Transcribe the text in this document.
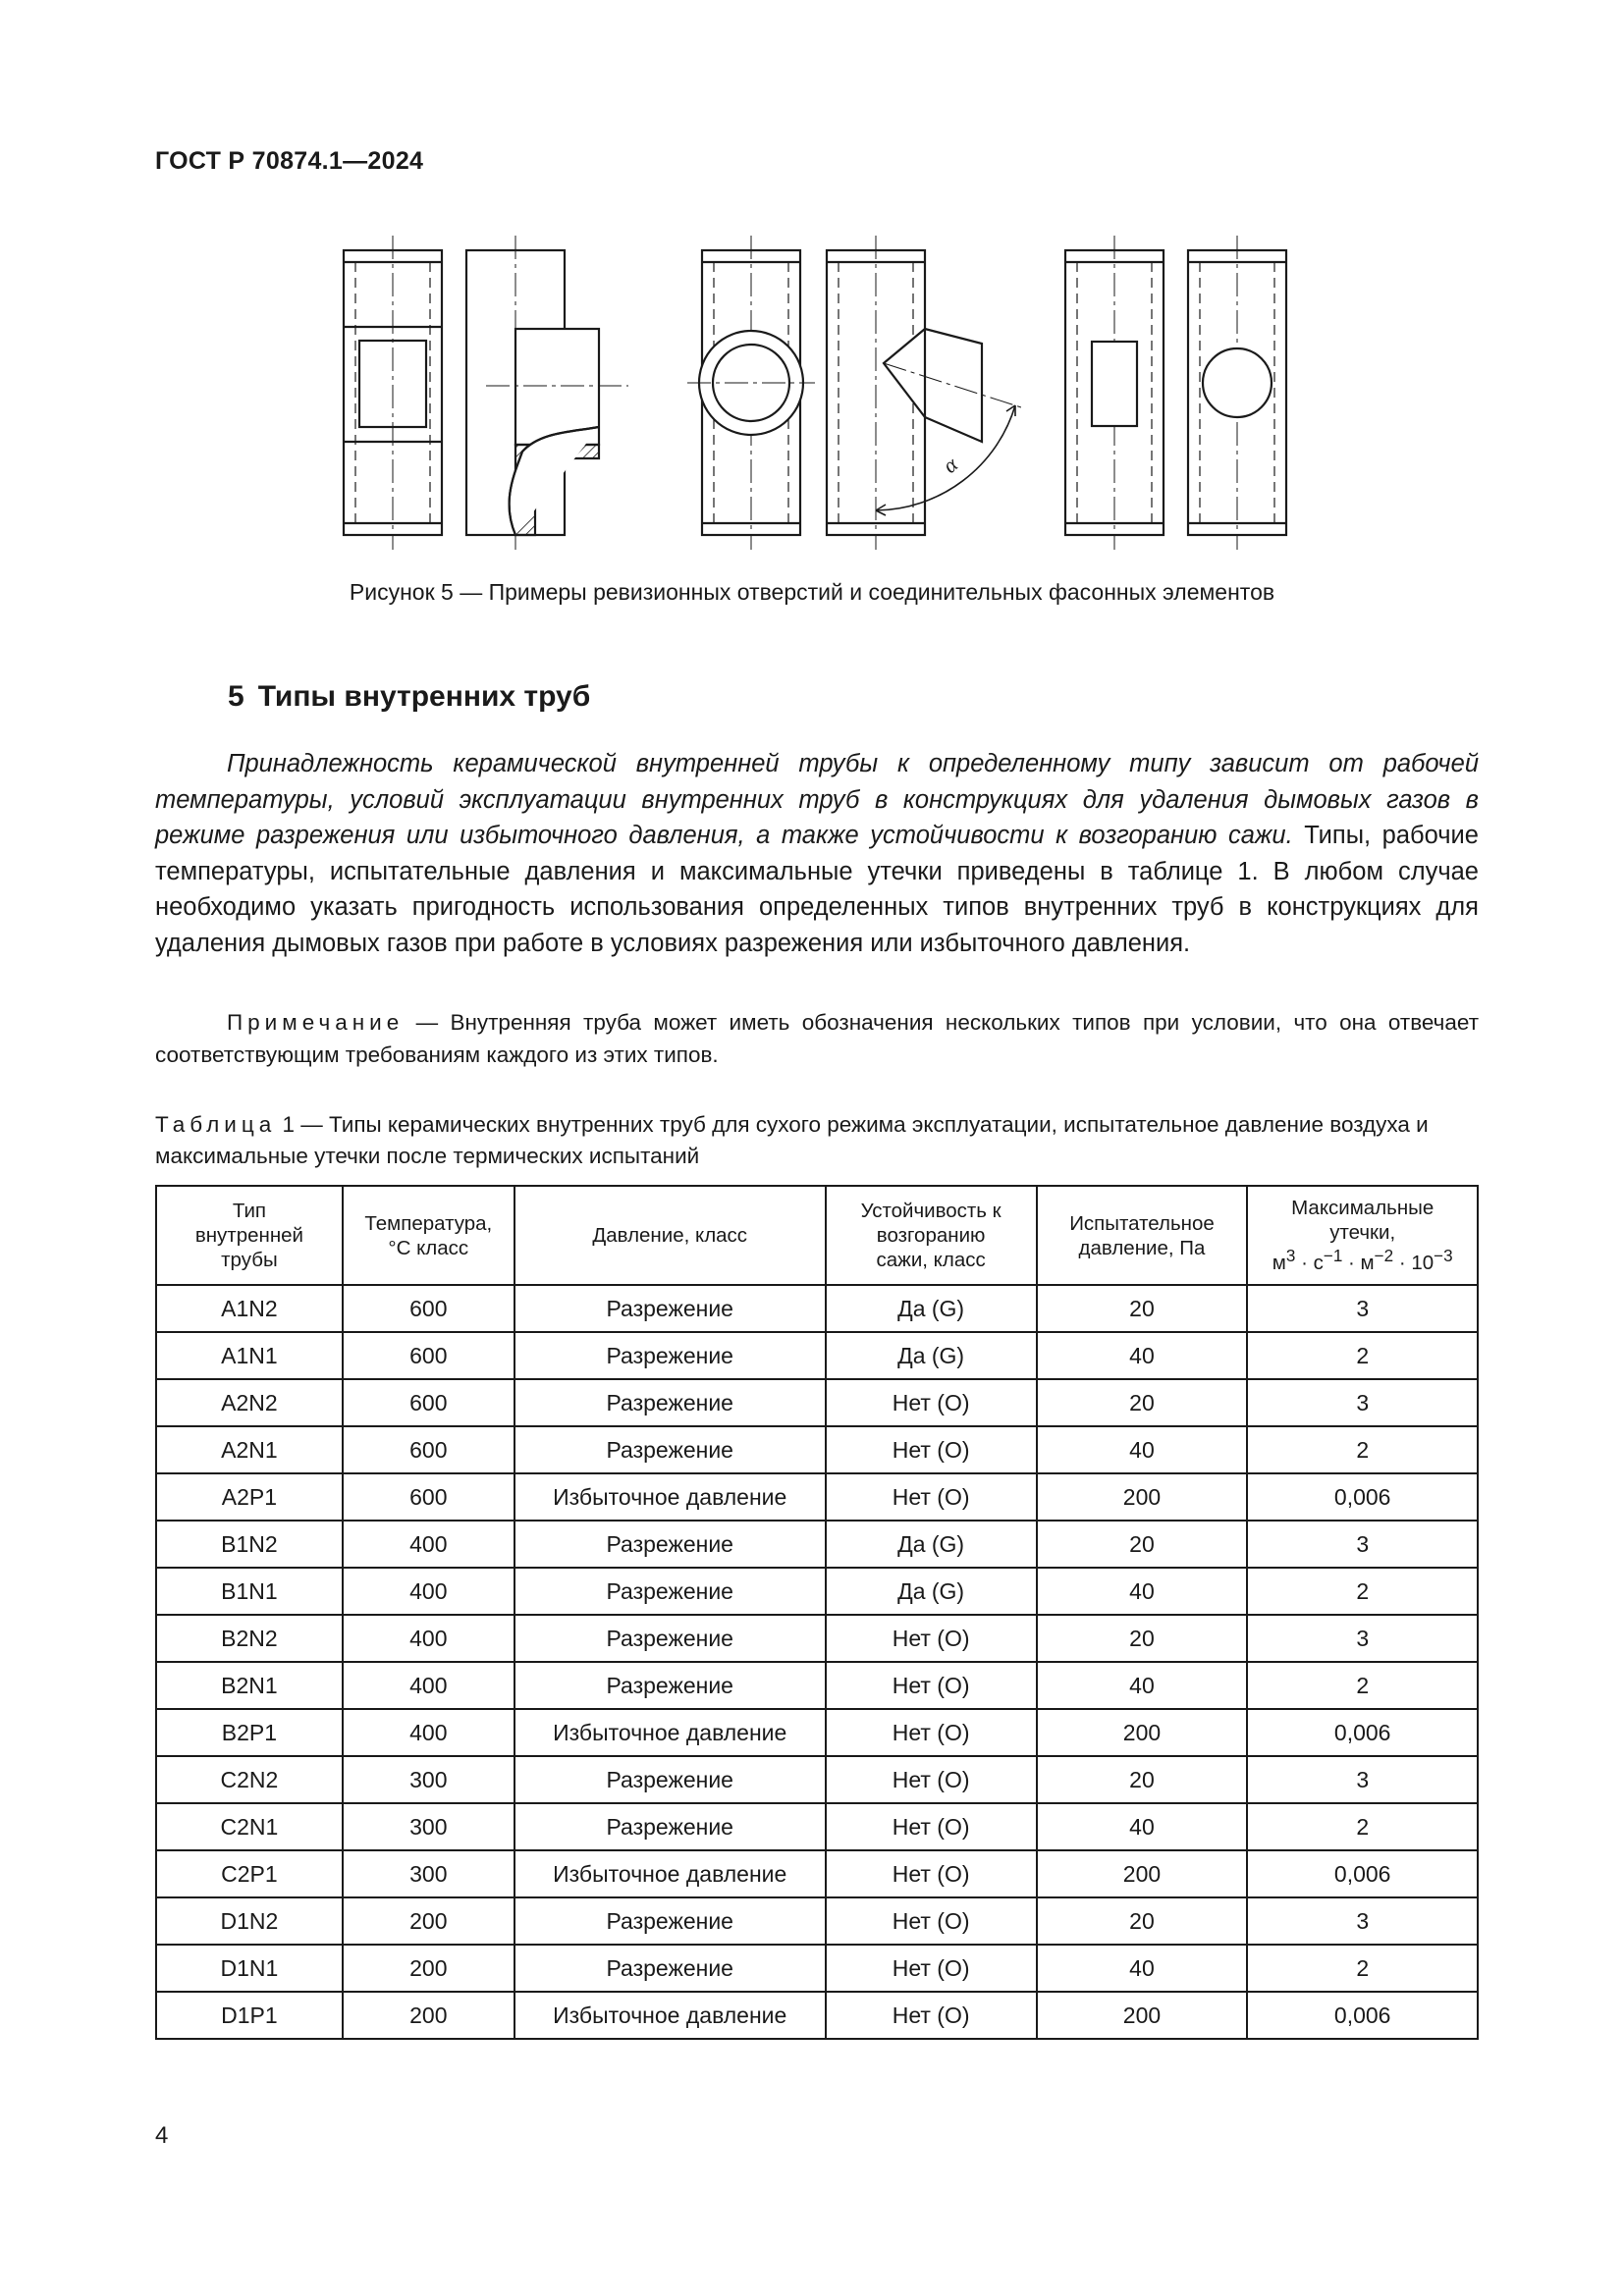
ГОСТ Р 70874.1—2024
α
Рисунок 5 — Примеры ревизионных отверстий и соединительных фасонных элементов
5 Типы внутренних труб

Принадлежность керамической внутренней трубы к определенному типу зависит от рабочей температуры, условий эксплуатации внутренних труб в конструкциях для удаления дымовых газов в режиме разрежения или избыточного давления, а также устойчивости к возгоранию сажи. Типы, рабочие температуры, испытательные давления и максимальные утечки приведены в таблице 1. В любом случае необходимо указать пригодность использования определенных типов внутренних труб в конструкциях для удаления дымовых газов при работе в условиях разрежения или избыточного давления.

Примечание — Внутренняя труба может иметь обозначения нескольких типов при условии, что она отвечает соответствующим требованиям каждого из этих типов.

Таблица 1 — Типы керамических внутренних труб для сухого режима эксплуатации, испытательное давление воздуха и максимальные утечки после термических испытаний

Тип внутренней трубы	Температура, °С класс	Давление, класс	Устойчивость к возгоранию сажи, класс	Испытательное давление, Па	Максимальные
утечки,
$м^3 \cdot с^{-1} \cdot м^{-2} \cdot 10^{-3}$
A1N2	600	Разрежение	Да (G)	20	3
A1N1	600	Разрежение	Да (G)	40	2
A2N2	600	Разрежение	Нет (O)	20	3
A2N1	600	Разрежение	Нет (O)	40	2
A2P1	600	Избыточное давление	Нет (O)	200	0,006
B1N2	400	Разрежение	Да (G)	20	3
B1N1	400	Разрежение	Да (G)	40	2
B2N2	400	Разрежение	Нет (O)	20	3
B2N1	400	Разрежение	Нет (O)	40	2
B2P1	400	Избыточное давление	Нет (O)	200	0,006
C2N2	300	Разрежение	Нет (O)	20	3
C2N1	300	Разрежение	Нет (O)	40	2
C2P1	300	Избыточное давление	Нет (O)	200	0,006
D1N2	200	Разрежение	Нет (O)	20	3
D1N1	200	Разрежение	Нет (O)	40	2
D1P1	200	Избыточное давление	Нет (O)	200	0,006
4
